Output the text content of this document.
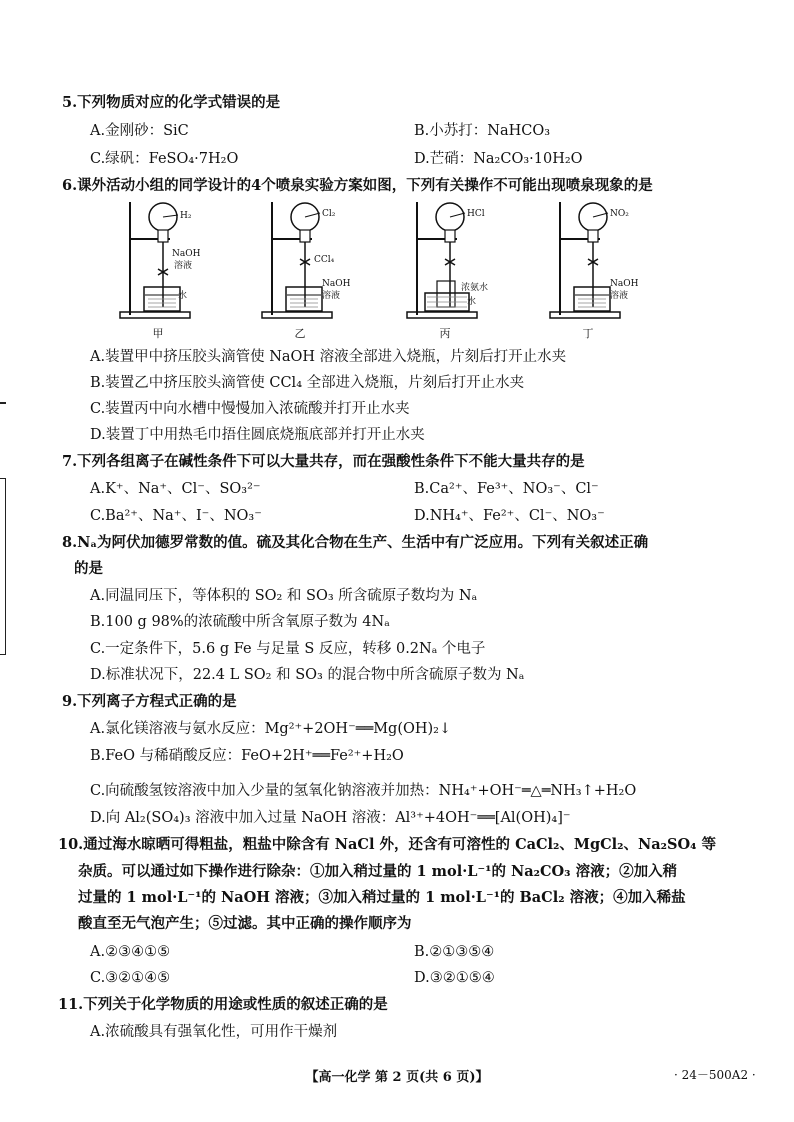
5.下列物质对应的化学式错误的是
A.金刚砂：SiC	B.小苏打：NaHCO₃
C.绿矾：FeSO₄·7H₂O	D.芒硝：Na₂CO₃·10H₂O
6.课外活动小组的同学设计的4个喷泉实验方案如图，下列有关操作不可能出现喷泉现象的是
H₂
NaOH
溶液
水
甲
Cl₂
CCl₄
NaOH
溶液
乙
HCl
浓氨水
水
丙
NO₂
NaOH
溶液
丁
A.装置甲中挤压胶头滴管使 NaOH 溶液全部进入烧瓶，片刻后打开止水夹
B.装置乙中挤压胶头滴管使 CCl₄ 全部进入烧瓶，片刻后打开止水夹
C.装置丙中向水槽中慢慢加入浓硫酸并打开止水夹
D.装置丁中用热毛巾捂住圆底烧瓶底部并打开止水夹
7.下列各组离子在碱性条件下可以大量共存，而在强酸性条件下不能大量共存的是
A.K⁺、Na⁺、Cl⁻、SO₃²⁻	B.Ca²⁺、Fe³⁺、NO₃⁻、Cl⁻
C.Ba²⁺、Na⁺、I⁻、NO₃⁻	D.NH₄⁺、Fe²⁺、Cl⁻、NO₃⁻
8.Nₐ为阿伏加德罗常数的值。硫及其化合物在生产、生活中有广泛应用。下列有关叙述正确
的是
A.同温同压下，等体积的 SO₂ 和 SO₃ 所含硫原子数均为 Nₐ
B.100 g 98%的浓硫酸中所含氧原子数为 4Nₐ
C.一定条件下，5.6 g Fe 与足量 S 反应，转移 0.2Nₐ 个电子
D.标准状况下，22.4 L SO₂ 和 SO₃ 的混合物中所含硫原子数为 Nₐ
9.下列离子方程式正确的是
A.氯化镁溶液与氨水反应：Mg²⁺+2OH⁻══Mg(OH)₂↓
B.FeO 与稀硝酸反应：FeO+2H⁺══Fe²⁺+H₂O
C.向硫酸氢铵溶液中加入少量的氢氧化钠溶液并加热：NH₄⁺+OH⁻═△═NH₃↑+H₂O
D.向 Al₂(SO₄)₃ 溶液中加入过量 NaOH 溶液：Al³⁺+4OH⁻══[Al(OH)₄]⁻
10.通过海水晾晒可得粗盐，粗盐中除含有 NaCl 外，还含有可溶性的 CaCl₂、MgCl₂、Na₂SO₄ 等
杂质。可以通过如下操作进行除杂：①加入稍过量的 1 mol·L⁻¹的 Na₂CO₃ 溶液；②加入稍
过量的 1 mol·L⁻¹的 NaOH 溶液；③加入稍过量的 1 mol·L⁻¹的 BaCl₂ 溶液；④加入稀盐
酸直至无气泡产生；⑤过滤。其中正确的操作顺序为
A.②③④①⑤	B.②①③⑤④
C.③②①④⑤	D.③②①⑤④
11.下列关于化学物质的用途或性质的叙述正确的是
A.浓硫酸具有强氧化性，可用作干燥剂
【高一化学 第 2 页(共 6 页)】	· 24－500A2 ·
